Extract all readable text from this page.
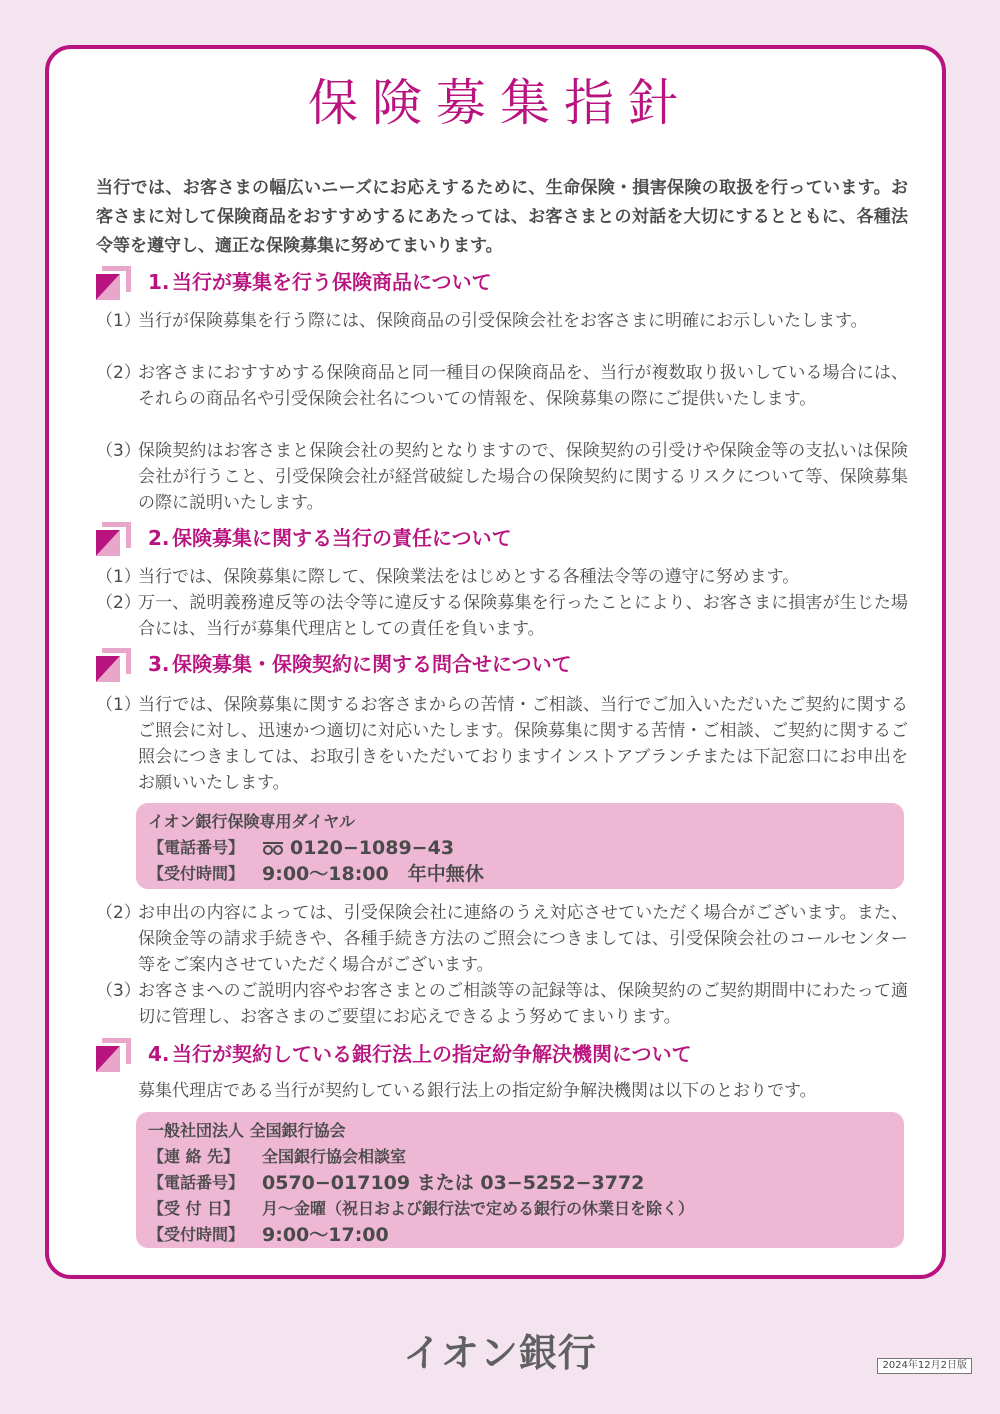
保険募集指針
当行では、お客さまの幅広いニーズにお応えするために、生命保険・損害保険の取扱を行っています。お客さまに対して保険商品をおすすめするにあたっては、お客さまとの対話を大切にするとともに、各種法令等を遵守し、適正な保険募集に努めてまいります。
1. 当行が募集を行う保険商品について
（1）
当行が保険募集を行う際には、保険商品の引受保険会社をお客さまに明確にお示しいたします。
（2）
お客さまにおすすめする保険商品と同一種目の保険商品を、当行が複数取り扱いしている場合には、それらの商品名や引受保険会社名についての情報を、保険募集の際にご提供いたします。
（3）
保険契約はお客さまと保険会社の契約となりますので、保険契約の引受けや保険金等の支払いは保険会社が行うこと、引受保険会社が経営破綻した場合の保険契約に関するリスクについて等、保険募集の際に説明いたします。
2. 保険募集に関する当行の責任について
（1）
当行では、保険募集に際して、保険業法をはじめとする各種法令等の遵守に努めます。
（2）
万一、説明義務違反等の法令等に違反する保険募集を行ったことにより、お客さまに損害が生じた場合には、当行が募集代理店としての責任を負います。
3. 保険募集・保険契約に関する問合せについて
（1）
当行では、保険募集に関するお客さまからの苦情・ご相談、当行でご加入いただいたご契約に関するご照会に対し、迅速かつ適切に対応いたします。保険募集に関する苦情・ご相談、ご契約に関するご照会につきましては、お取引きをいただいておりますインストアブランチまたは下記窓口にお申出をお願いいたします。
イオン銀行保険専用ダイヤル
【電話番号】	0120−1089−43
【受付時間】 9:00～18:00　年中無休
（2）
お申出の内容によっては、引受保険会社に連絡のうえ対応させていただく場合がございます。また、保険金等の請求手続きや、各種手続き方法のご照会につきましては、引受保険会社のコールセンター等をご案内させていただく場合がございます。
（3）
お客さまへのご説明内容やお客さまとのご相談等の記録等は、保険契約のご契約期間中にわたって適切に管理し、お客さまのご要望にお応えできるよう努めてまいります。
4. 当行が契約している銀行法上の指定紛争解決機関について
募集代理店である当行が契約している銀行法上の指定紛争解決機関は以下のとおりです。
一般社団法人 全国銀行協会
【連 絡 先】 全国銀行協会相談室
【電話番号】 0570−017109 または 03−5252−3772
【受 付 日】 月～金曜（祝日および銀行法で定める銀行の休業日を除く）
【受付時間】 9:00～17:00
イオン銀行	2024年12月2日版
